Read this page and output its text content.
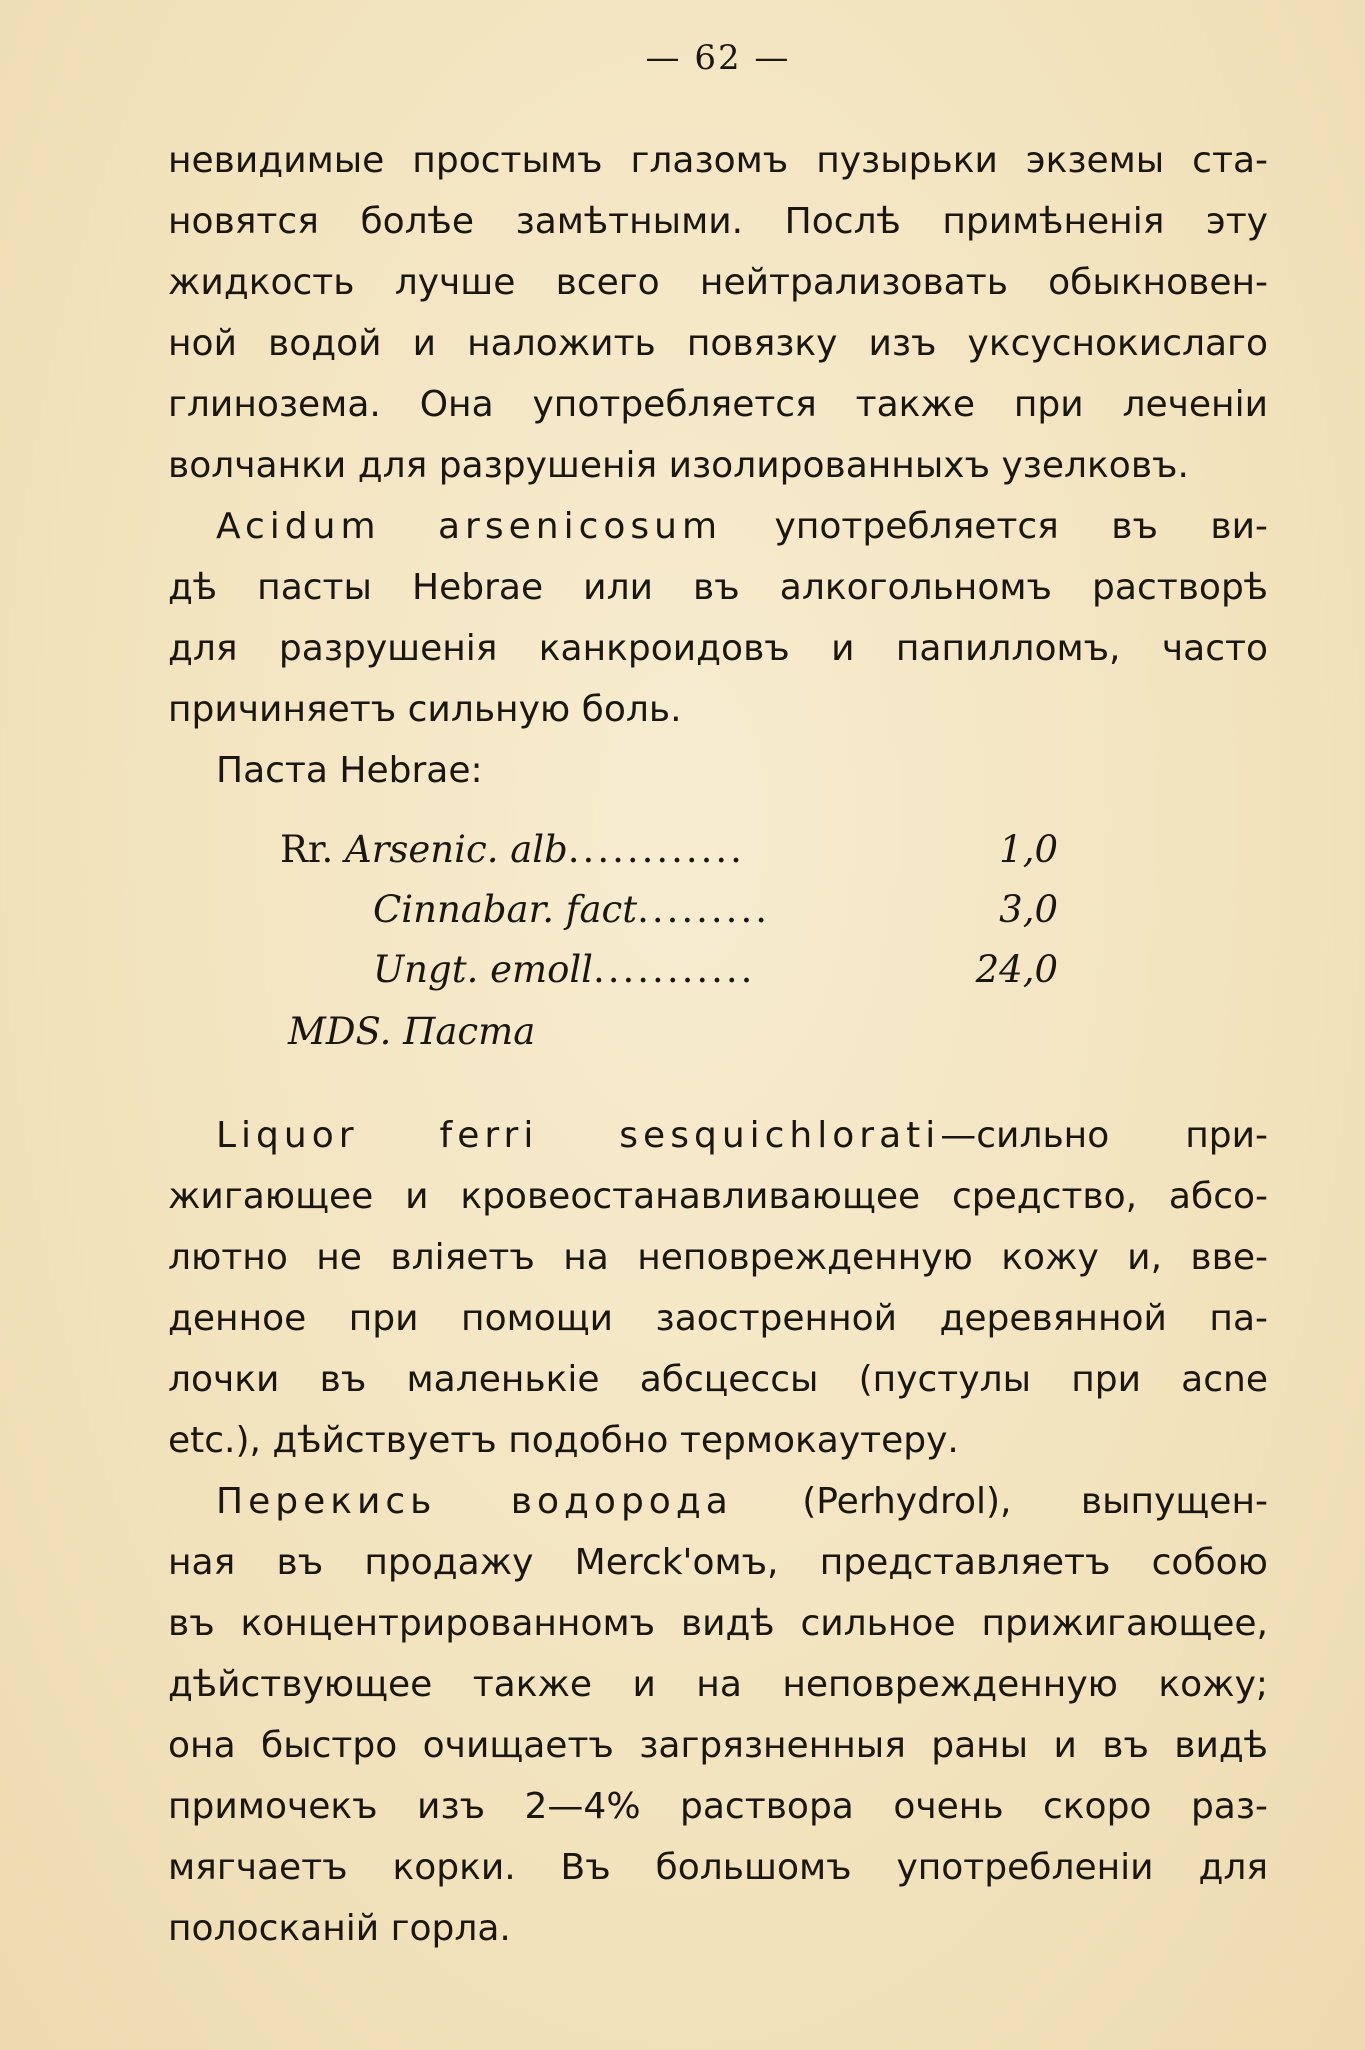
— 62 —
невидимые простымъ глазомъ пузырьки экземы ста-
новятся болѣе замѣтными. Послѣ примѣненія эту
жидкость лучше всего нейтрализовать обыкновен-
ной водой и наложить повязку изъ уксуснокислаго
глинозема. Она употребляется также при леченіи
волчанки для разрушенія изолированныхъ узелковъ.
Acidum arsenicosum употребляется въ ви-
дѣ пасты Hebrae или въ алкогольномъ растворѣ
для разрушенія канкроидовъ и папилломъ, часто
причиняетъ сильную боль.
Паста Hebrae:
Rr. Arsenic. alb............	1,0
Cinnabar. fact.........	3,0
Ungt. emoll...........	24,0
MDS. Паста
Liquor ferri sesquichlorati—сильно при-
жигающее и кровеостанавливающее средство, абсо-
лютно не вліяетъ на неповрежденную кожу и, вве-
денное при помощи заостренной деревянной па-
лочки въ маленькіе абсцессы (пустулы при acne
etc.), дѣйствуетъ подобно термокаутеру.
Перекись водорода (Perhydrol), выпущен-
ная въ продажу Merck'омъ, представляетъ собою
въ концентрированномъ видѣ сильное прижигающее,
дѣйствующее также и на неповрежденную кожу;
она быстро очищаетъ загрязненныя раны и въ видѣ
примочекъ изъ 2—4% раствора очень скоро раз-
мягчаетъ корки. Въ большомъ употребленіи для
полосканій горла.
